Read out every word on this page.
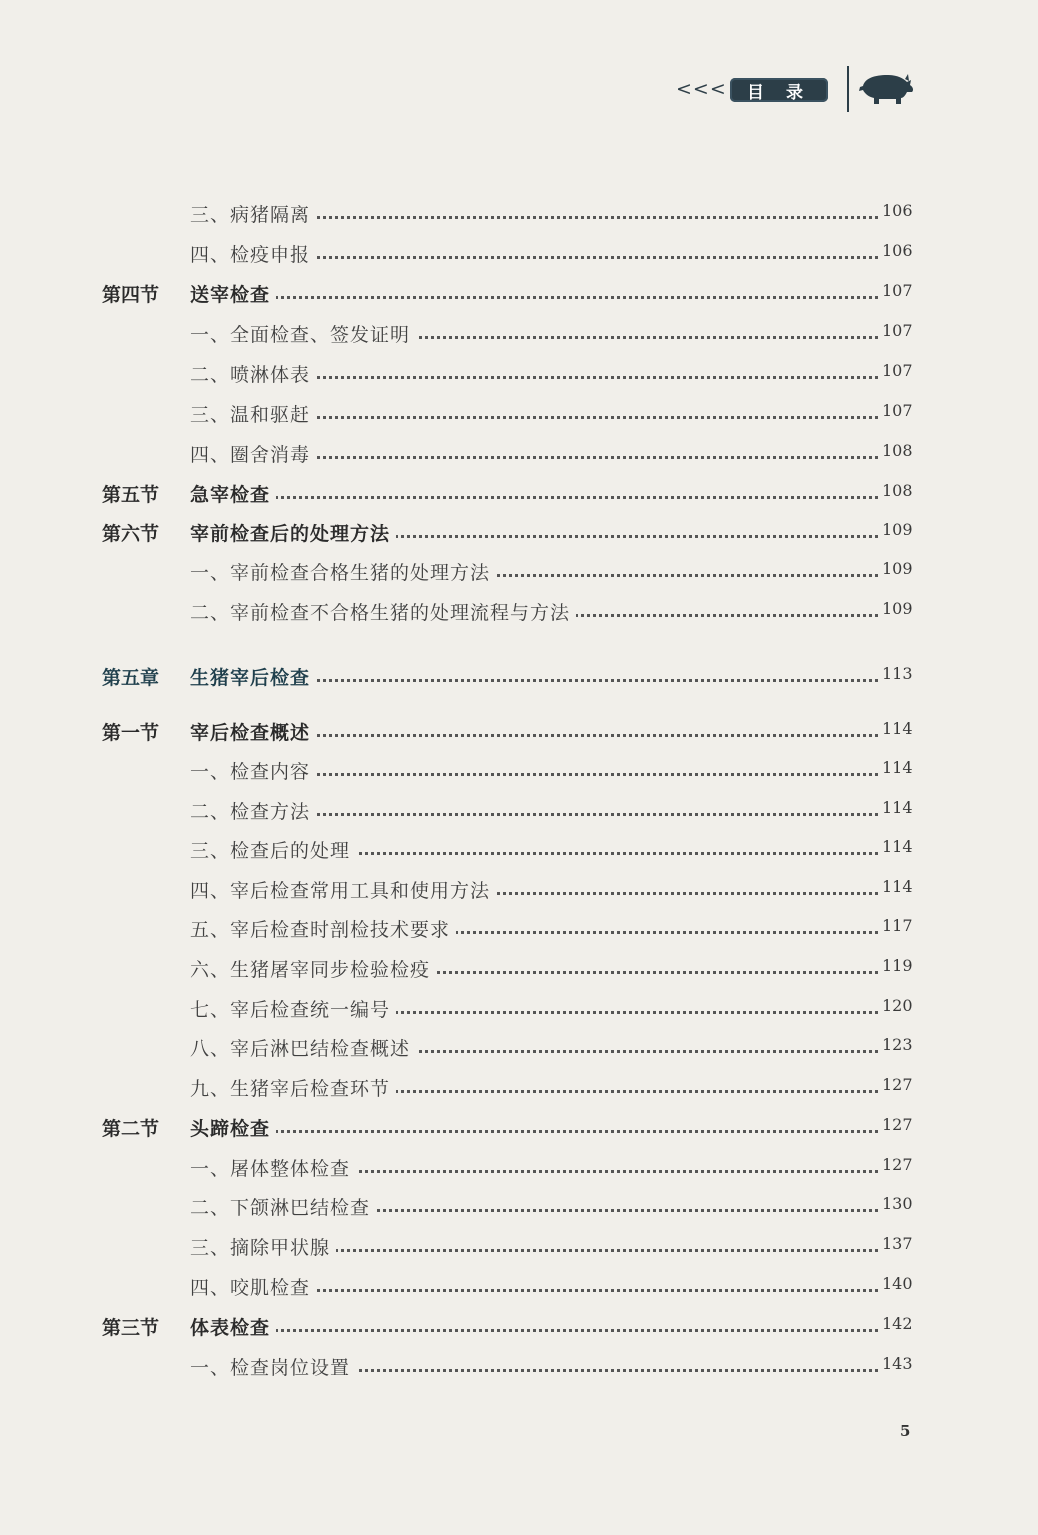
<<<	目 录
三、病猪隔离	106
四、检疫申报	106
第四节 送宰检查	107
一、全面检查、签发证明	107
二、喷淋体表	107
三、温和驱赶	107
四、圈舍消毒	108
第五节 急宰检查	108
第六节 宰前检查后的处理方法	109
一、宰前检查合格生猪的处理方法	109
二、宰前检查不合格生猪的处理流程与方法	109
第五章 生猪宰后检查	113
第一节 宰后检查概述	114
一、检查内容	114
二、检查方法	114
三、检查后的处理	114
四、宰后检查常用工具和使用方法	114
五、宰后检查时剖检技术要求	117
六、生猪屠宰同步检验检疫	119
七、宰后检查统一编号	120
八、宰后淋巴结检查概述	123
九、生猪宰后检查环节	127
第二节 头蹄检查	127
一、屠体整体检查	127
二、下颌淋巴结检查	130
三、摘除甲状腺	137
四、咬肌检查	140
第三节 体表检查	142
一、检查岗位设置	143
5
